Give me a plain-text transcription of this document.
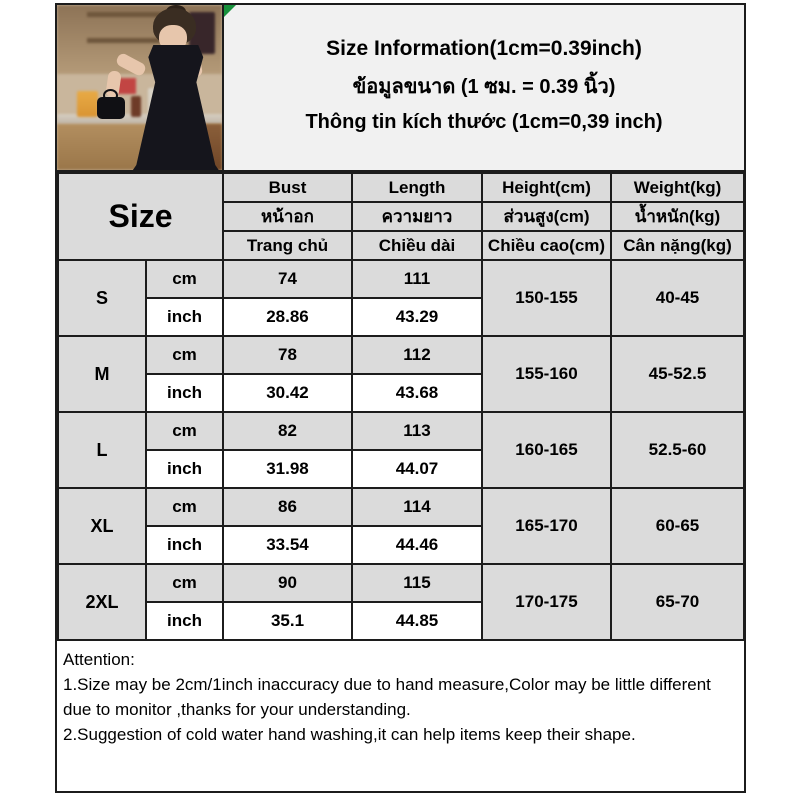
Size Information(1cm=0.39inch)
ข้อมูลขนาด (1 ซม. = 0.39 นิ้ว)
Thông tin kích thước (1cm=0,39 inch)
Size		Bust	Length	Height(cm)	Weight(kg)
		หน้าอก	ความยาว	ส่วนสูง(cm)	น้ำหนัก(kg)
		Trang chủ	Chiều dài	Chiều cao(cm)	Cân nặng(kg)
S	cm	74	111	150-155	40-45
	inch	28.86	43.29		
M	cm	78	112	155-160	45-52.5
	inch	30.42	43.68		
L	cm	82	113	160-165	52.5-60
	inch	31.98	44.07		
XL	cm	86	114	165-170	60-65
	inch	33.54	44.46		
2XL	cm	90	115	170-175	65-70
	inch	35.1	44.85		
Attention:
1.Size may be 2cm/1inch inaccuracy due to hand measure,Color may be little different due to monitor ,thanks for your understanding.
2.Suggestion of cold water hand washing,it can help items keep their shape.
